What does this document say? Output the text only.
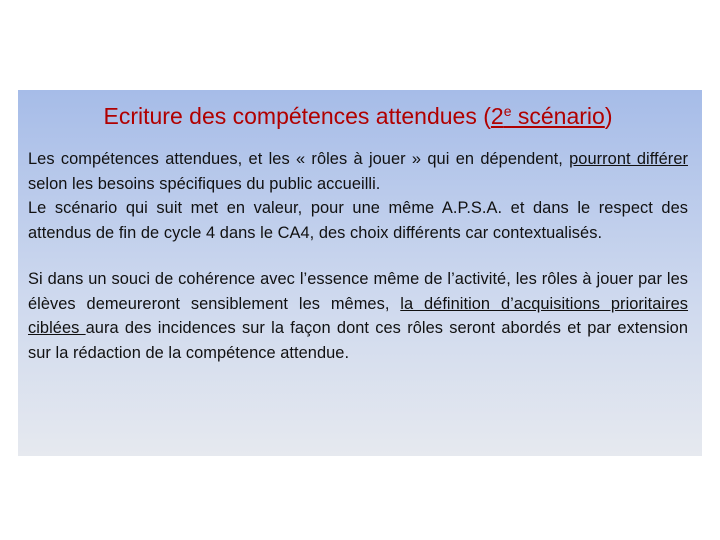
Ecriture des compétences attendues (2e scénario)

Les compétences attendues, et les « rôles à jouer » qui en dépendent, pourront différer selon les besoins spécifiques du public accueilli.

Le scénario qui suit met en valeur, pour une même A.P.S.A. et dans le respect des attendus de fin de cycle 4 dans le CA4, des choix différents car contextualisés.

Si dans un souci de cohérence avec l’essence même de l’activité, les rôles à jouer par les élèves demeureront sensiblement les mêmes, la définition d’acquisitions prioritaires ciblées aura des incidences sur la façon dont ces rôles seront abordés et par extension sur la rédaction de la compétence attendue.
